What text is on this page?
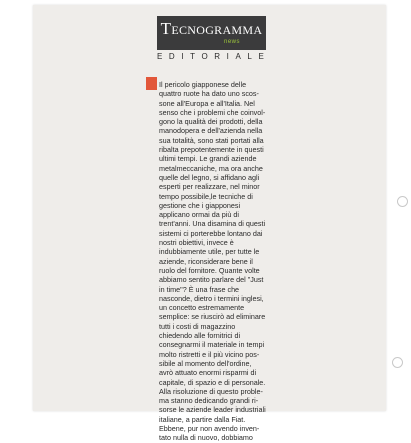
Tecnogramma
news
EDITORIALE
Il pericolo giapponese delle
quattro ruote ha dato uno scos-
sone all'Europa e all'Italia. Nel
senso che i problemi che coinvol-
gono la qualità dei prodotti, della
manodopera e dell'azienda nella
sua totalità, sono stati portati alla
ribalta prepotentemente in questi
ultimi tempi. Le grandi aziende
metalmeccaniche, ma ora anche
quelle del legno, si affidano agli
esperti per realizzare, nel minor
tempo possibile,le tecniche di
gestione che i giapponesi
applicano ormai da più di
trent'anni. Una disamina di questi
sistemi ci porterebbe lontano dai
nostri obiettivi, invece è
indubbiamente utile, per tutte le
aziende, riconsiderare bene il
ruolo del fornitore. Quante volte
abbiamo sentito parlare del "Just
in time"? È una frase che
nasconde, dietro i termini inglesi,
un concetto estremamente
semplice: se riuscirò ad eliminare
tutti i costi di magazzino
chiedendo alle fornitrici di
consegnarmi il materiale in tempi
molto ristretti e il più vicino pos-
sibile al momento dell'ordine,
avrò attuato enormi risparmi di
capitale, di spazio e di personale.
Alla risoluzione di questo proble-
ma stanno dedicando grandi ri-
sorse le aziende leader industriali
italiane, a partire dalla Fiat.
Ebbene, pur non avendo inven-
tato nulla di nuovo, dobbiamo
